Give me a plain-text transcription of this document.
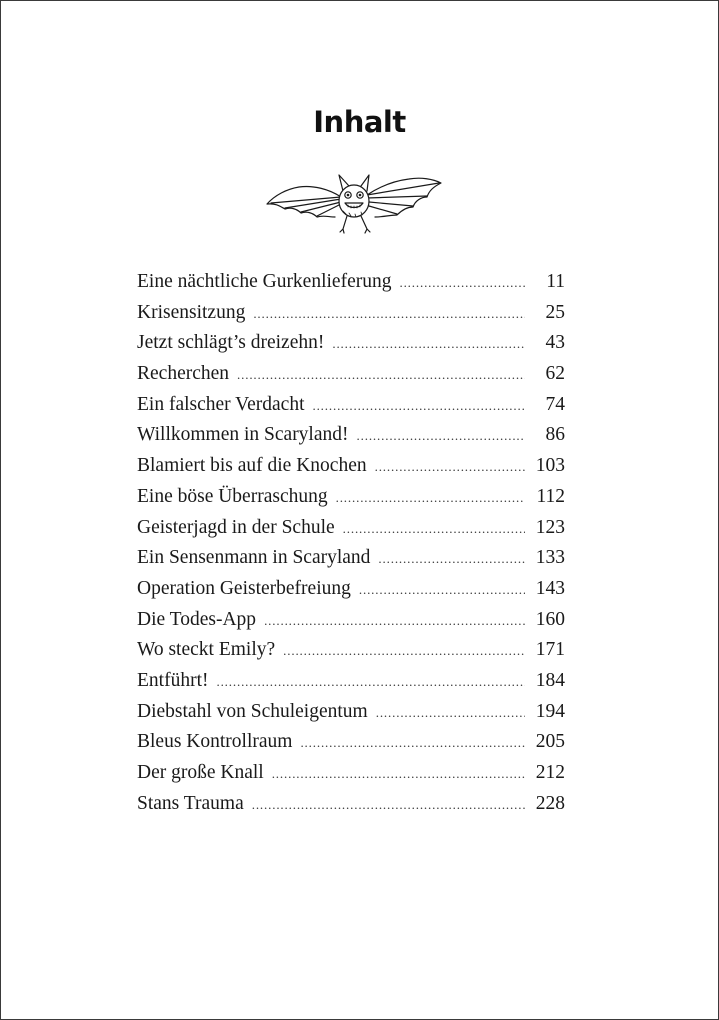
Inhalt
Eine nächtliche Gurkenlieferung . . .	11
Krisensitzung . . .	25
Jetzt schlägt’s dreizehn! . . .	43
Recherchen . . .	62
Ein falscher Verdacht . . .	74
Willkommen in Scaryland! . . .	86
Blamiert bis auf die Knochen . . .	103
Eine böse Überraschung . . .	112
Geisterjagd in der Schule . . .	123
Ein Sensenmann in Scaryland . . .	133
Operation Geisterbefreiung . . .	143
Die Todes-App . . .	160
Wo steckt Emily? . . .	171
Entführt! . . .	184
Diebstahl von Schuleigentum . . .	194
Bleus Kontrollraum . . .	205
Der große Knall . . .	212
Stans Trauma . . .	228
